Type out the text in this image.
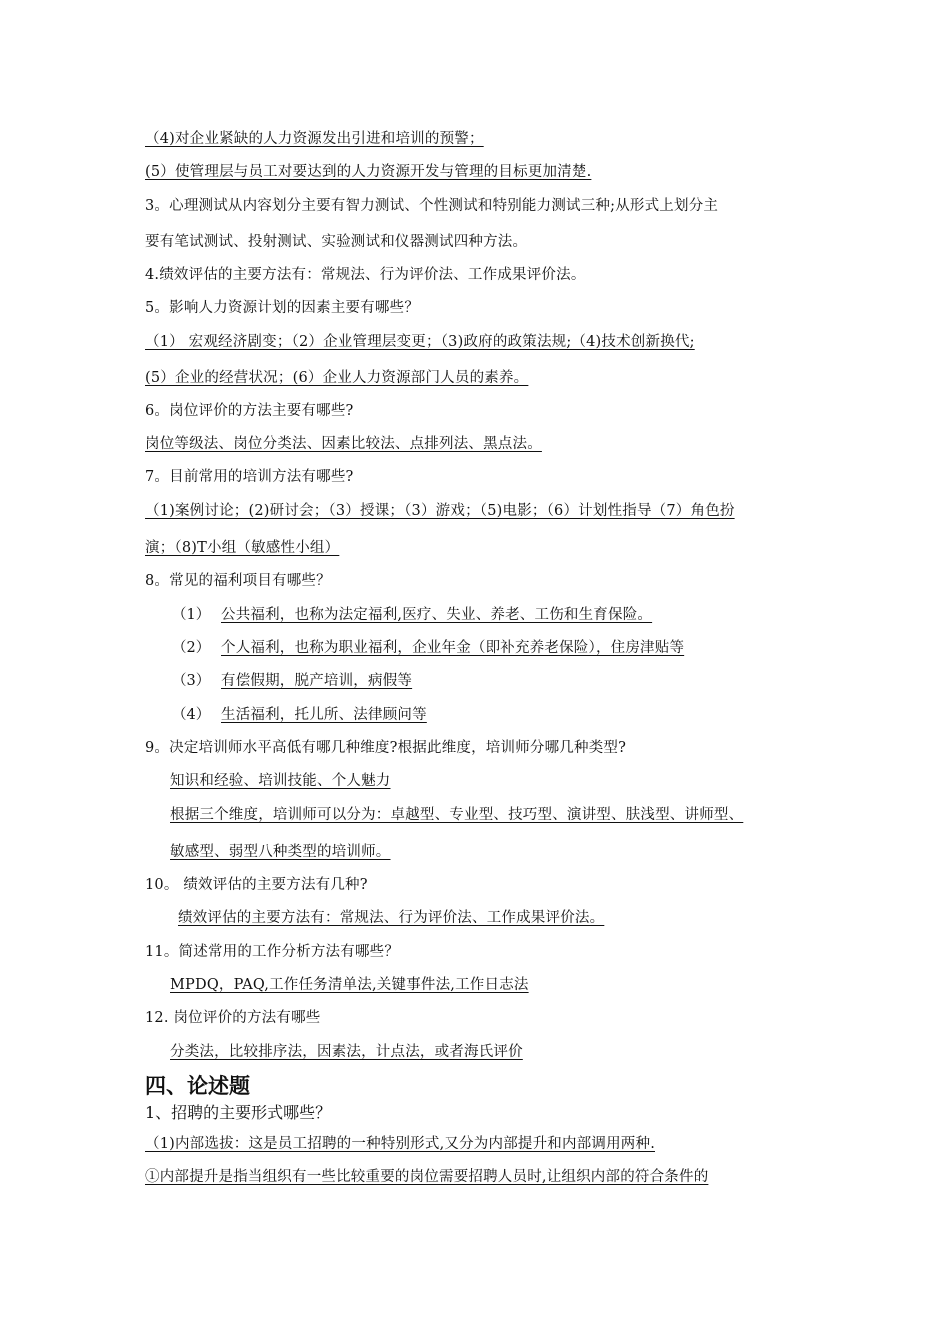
（4)对企业紧缺的人力资源发出引进和培训的预警；
(5）使管理层与员工对要达到的人力资源开发与管理的目标更加清楚.
3。心理测试从内容划分主要有智力测试、个性测试和特别能力测试三种;从形式上划分主
要有笔试测试、投射测试、实验测试和仪器测试四种方法。
4.绩效评估的主要方法有：常规法、行为评价法、工作成果评价法。
5。影响人力资源计划的因素主要有哪些？
（1） 宏观经济剧变；（2）企业管理层变更；（3)政府的政策法规;（4)技术创新换代;
(5）企业的经营状况；(6）企业人力资源部门人员的素养。
6。岗位评价的方法主要有哪些?
岗位等级法、岗位分类法、因素比较法、点排列法、黑点法。
7。目前常用的培训方法有哪些?
（1)案例讨论；(2)研讨会；（3）授课；（3）游戏；（5)电影；（6）计划性指导（7）角色扮
演；（8)T小组（敏感性小组）
8。常见的福利项目有哪些？
（1） 公共福利，也称为法定福利,医疗、失业、养老、工伤和生育保险。
（2） 个人福利，也称为职业福利，企业年金（即补充养老保险），住房津贴等
（3） 有偿假期，脱产培训，病假等
（4） 生活福利，托儿所、法律顾问等
9。决定培训师水平高低有哪几种维度?根据此维度，培训师分哪几种类型?
知识和经验、培训技能、个人魅力
根据三个维度，培训师可以分为：卓越型、专业型、技巧型、演讲型、肤浅型、讲师型、
敏感型、弱型八种类型的培训师。
10。 绩效评估的主要方法有几种?
绩效评估的主要方法有：常规法、行为评价法、工作成果评价法。
11。简述常用的工作分析方法有哪些？
MPDQ，PAQ,工作任务清单法,关键事件法,工作日志法
12. 岗位评价的方法有哪些
分类法，比较排序法，因素法，计点法，或者海氏评价
四、论述题
1、招聘的主要形式哪些？
（1)内部选拔：这是员工招聘的一种特别形式,又分为内部提升和内部调用两种.
①内部提升是指当组织有一些比较重要的岗位需要招聘人员时,让组织内部的符合条件的
